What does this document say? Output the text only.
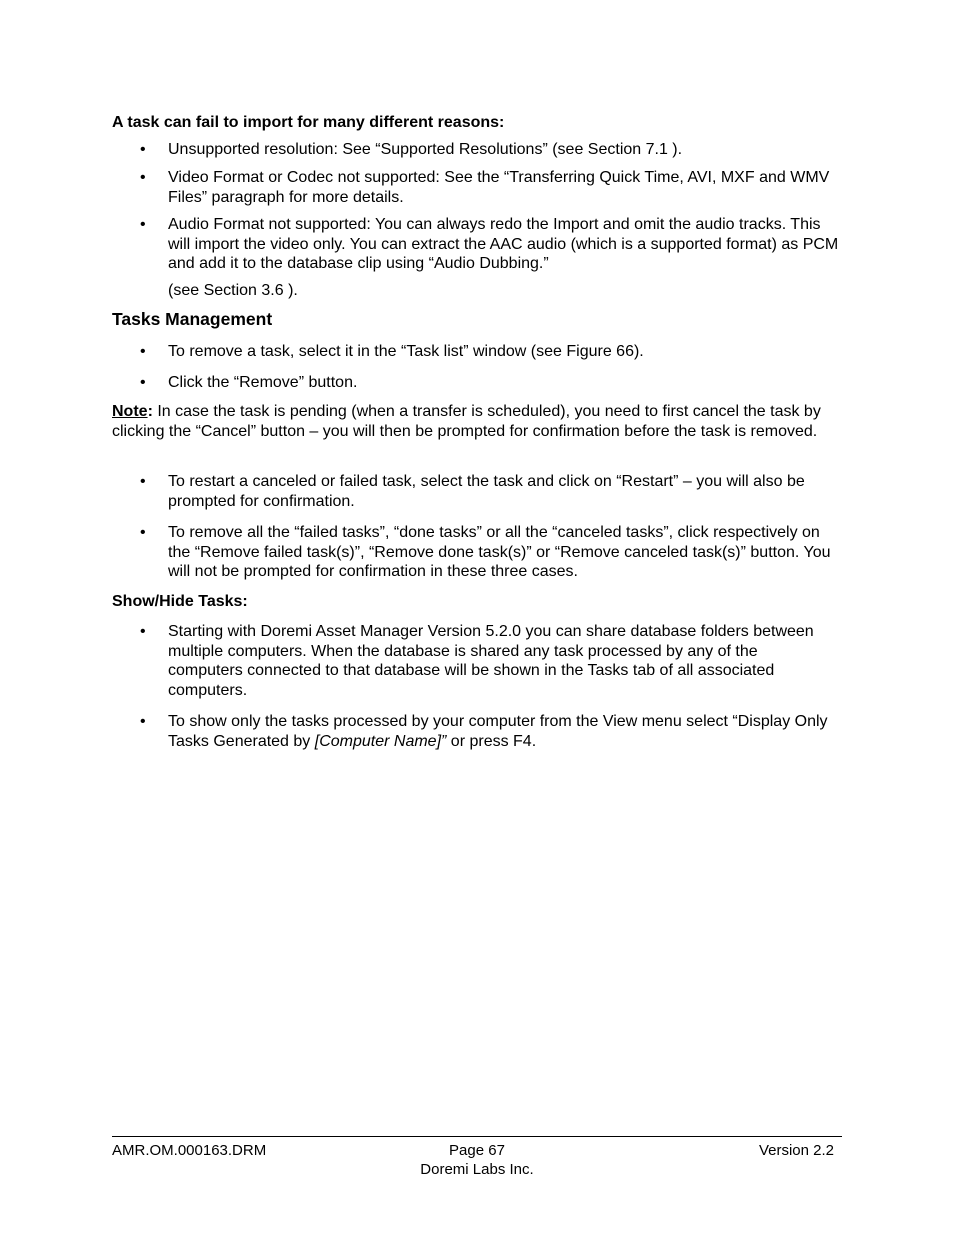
A task can fail to import for many different reasons:
• Unsupported resolution: See “Supported Resolutions” (see Section 7.1 ).
• Video Format or Codec not supported: See the “Transferring Quick Time, AVI, MXF and WMV Files” paragraph for more details.
• Audio Format not supported: You can always redo the Import and omit the audio tracks. This will import the video only. You can extract the AAC audio (which is a supported format) as PCM and add it to the database clip using “Audio Dubbing.”
(see Section 3.6 ).
Tasks Management
• To remove a task, select it in the “Task list” window (see Figure 66).
• Click the “Remove” button.
Note: In case the task is pending (when a transfer is scheduled), you need to first cancel the task by clicking the “Cancel” button – you will then be prompted for confirmation before the task is removed.
• To restart a canceled or failed task, select the task and click on “Restart” – you will also be prompted for confirmation.
• To remove all the “failed tasks”, “done tasks” or all the “canceled tasks”, click respectively on the “Remove failed task(s)”, “Remove done task(s)” or “Remove canceled task(s)” button. You will not be prompted for confirmation in these three cases.
Show/Hide Tasks:
• Starting with Doremi Asset Manager Version 5.2.0 you can share database folders between multiple computers. When the database is shared any task processed by any of the computers connected to that database will be shown in the Tasks tab of all associated computers.
• To show only the tasks processed by your computer from the View menu select “Display Only Tasks Generated by [Computer Name]” or press F4.
AMR.OM.000163.DRM	Page 67
Doremi Labs Inc.
Version 2.2
